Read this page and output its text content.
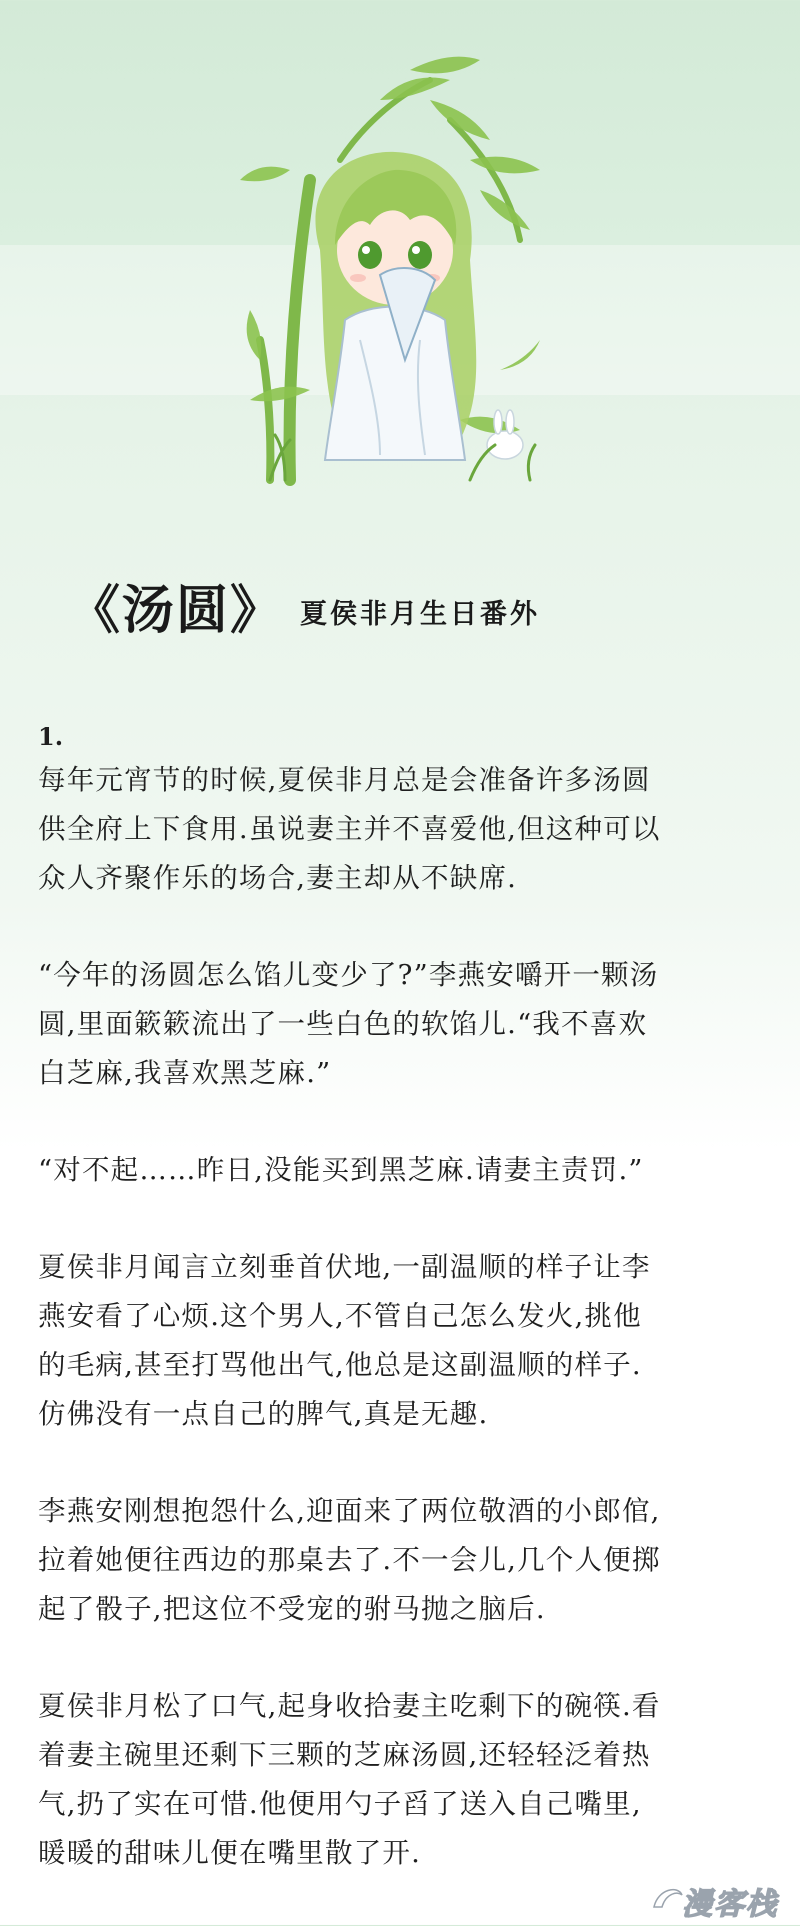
《汤圆》 夏侯非月生日番外

1.

每年元宵节的时候,夏侯非月总是会准备许多汤圆
供全府上下食用.虽说妻主并不喜爱他,但这种可以
众人齐聚作乐的场合,妻主却从不缺席.

“今年的汤圆怎么馅儿变少了?”李燕安嚼开一颗汤
圆,里面簌簌流出了一些白色的软馅儿.“我不喜欢
白芝麻,我喜欢黑芝麻.”

“对不起……昨日,没能买到黑芝麻.请妻主责罚.”

夏侯非月闻言立刻垂首伏地,一副温顺的样子让李
燕安看了心烦.这个男人,不管自己怎么发火,挑他
的毛病,甚至打骂他出气,他总是这副温顺的样子.
仿佛没有一点自己的脾气,真是无趣.

李燕安刚想抱怨什么,迎面来了两位敬酒的小郎倌,
拉着她便往西边的那桌去了.不一会儿,几个人便掷
起了骰子,把这位不受宠的驸马抛之脑后.

夏侯非月松了口气,起身收拾妻主吃剩下的碗筷.看
着妻主碗里还剩下三颗的芝麻汤圆,还轻轻泛着热
气,扔了实在可惜.他便用勺子舀了送入自己嘴里,
暖暖的甜味儿便在嘴里散了开.

漫客栈
